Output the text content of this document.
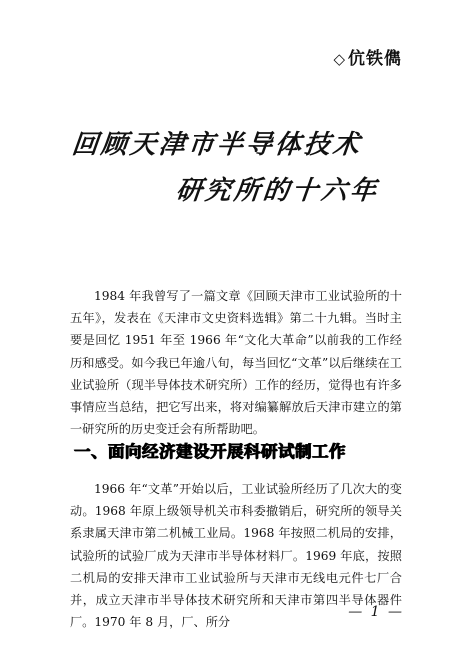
◇ 伉铁儁
回顾天津市半导体技术
研究所的十六年

1984 年我曾写了一篇文章《回顾天津市工业试验所的十五年》，发表在《天津市文史资料选辑》第二十九辑。当时主要是回忆 1951 年至 1966 年“文化大革命”以前我的工作经历和感受。如今我已年逾八旬，每当回忆“文革”以后继续在工业试验所（现半导体技术研究所）工作的经历，觉得也有许多事情应当总结，把它写出来，将对编纂解放后天津市建立的第一研究所的历史变迁会有所帮助吧。

一、面向经济建设开展科研试制工作

1966 年“文革”开始以后，工业试验所经历了几次大的变动。1968 年原上级领导机关市科委撤销后，研究所的领导关系隶属天津市第二机械工业局。1968 年按照二机局的安排，试验所的试验厂成为天津市半导体材料厂。1969 年底，按照二机局的安排天津市工业试验所与天津市无线电元件七厂合并，成立天津市半导体技术研究所和天津市第四半导体器件厂。1970 年 8 月，厂、所分

— 1 —
